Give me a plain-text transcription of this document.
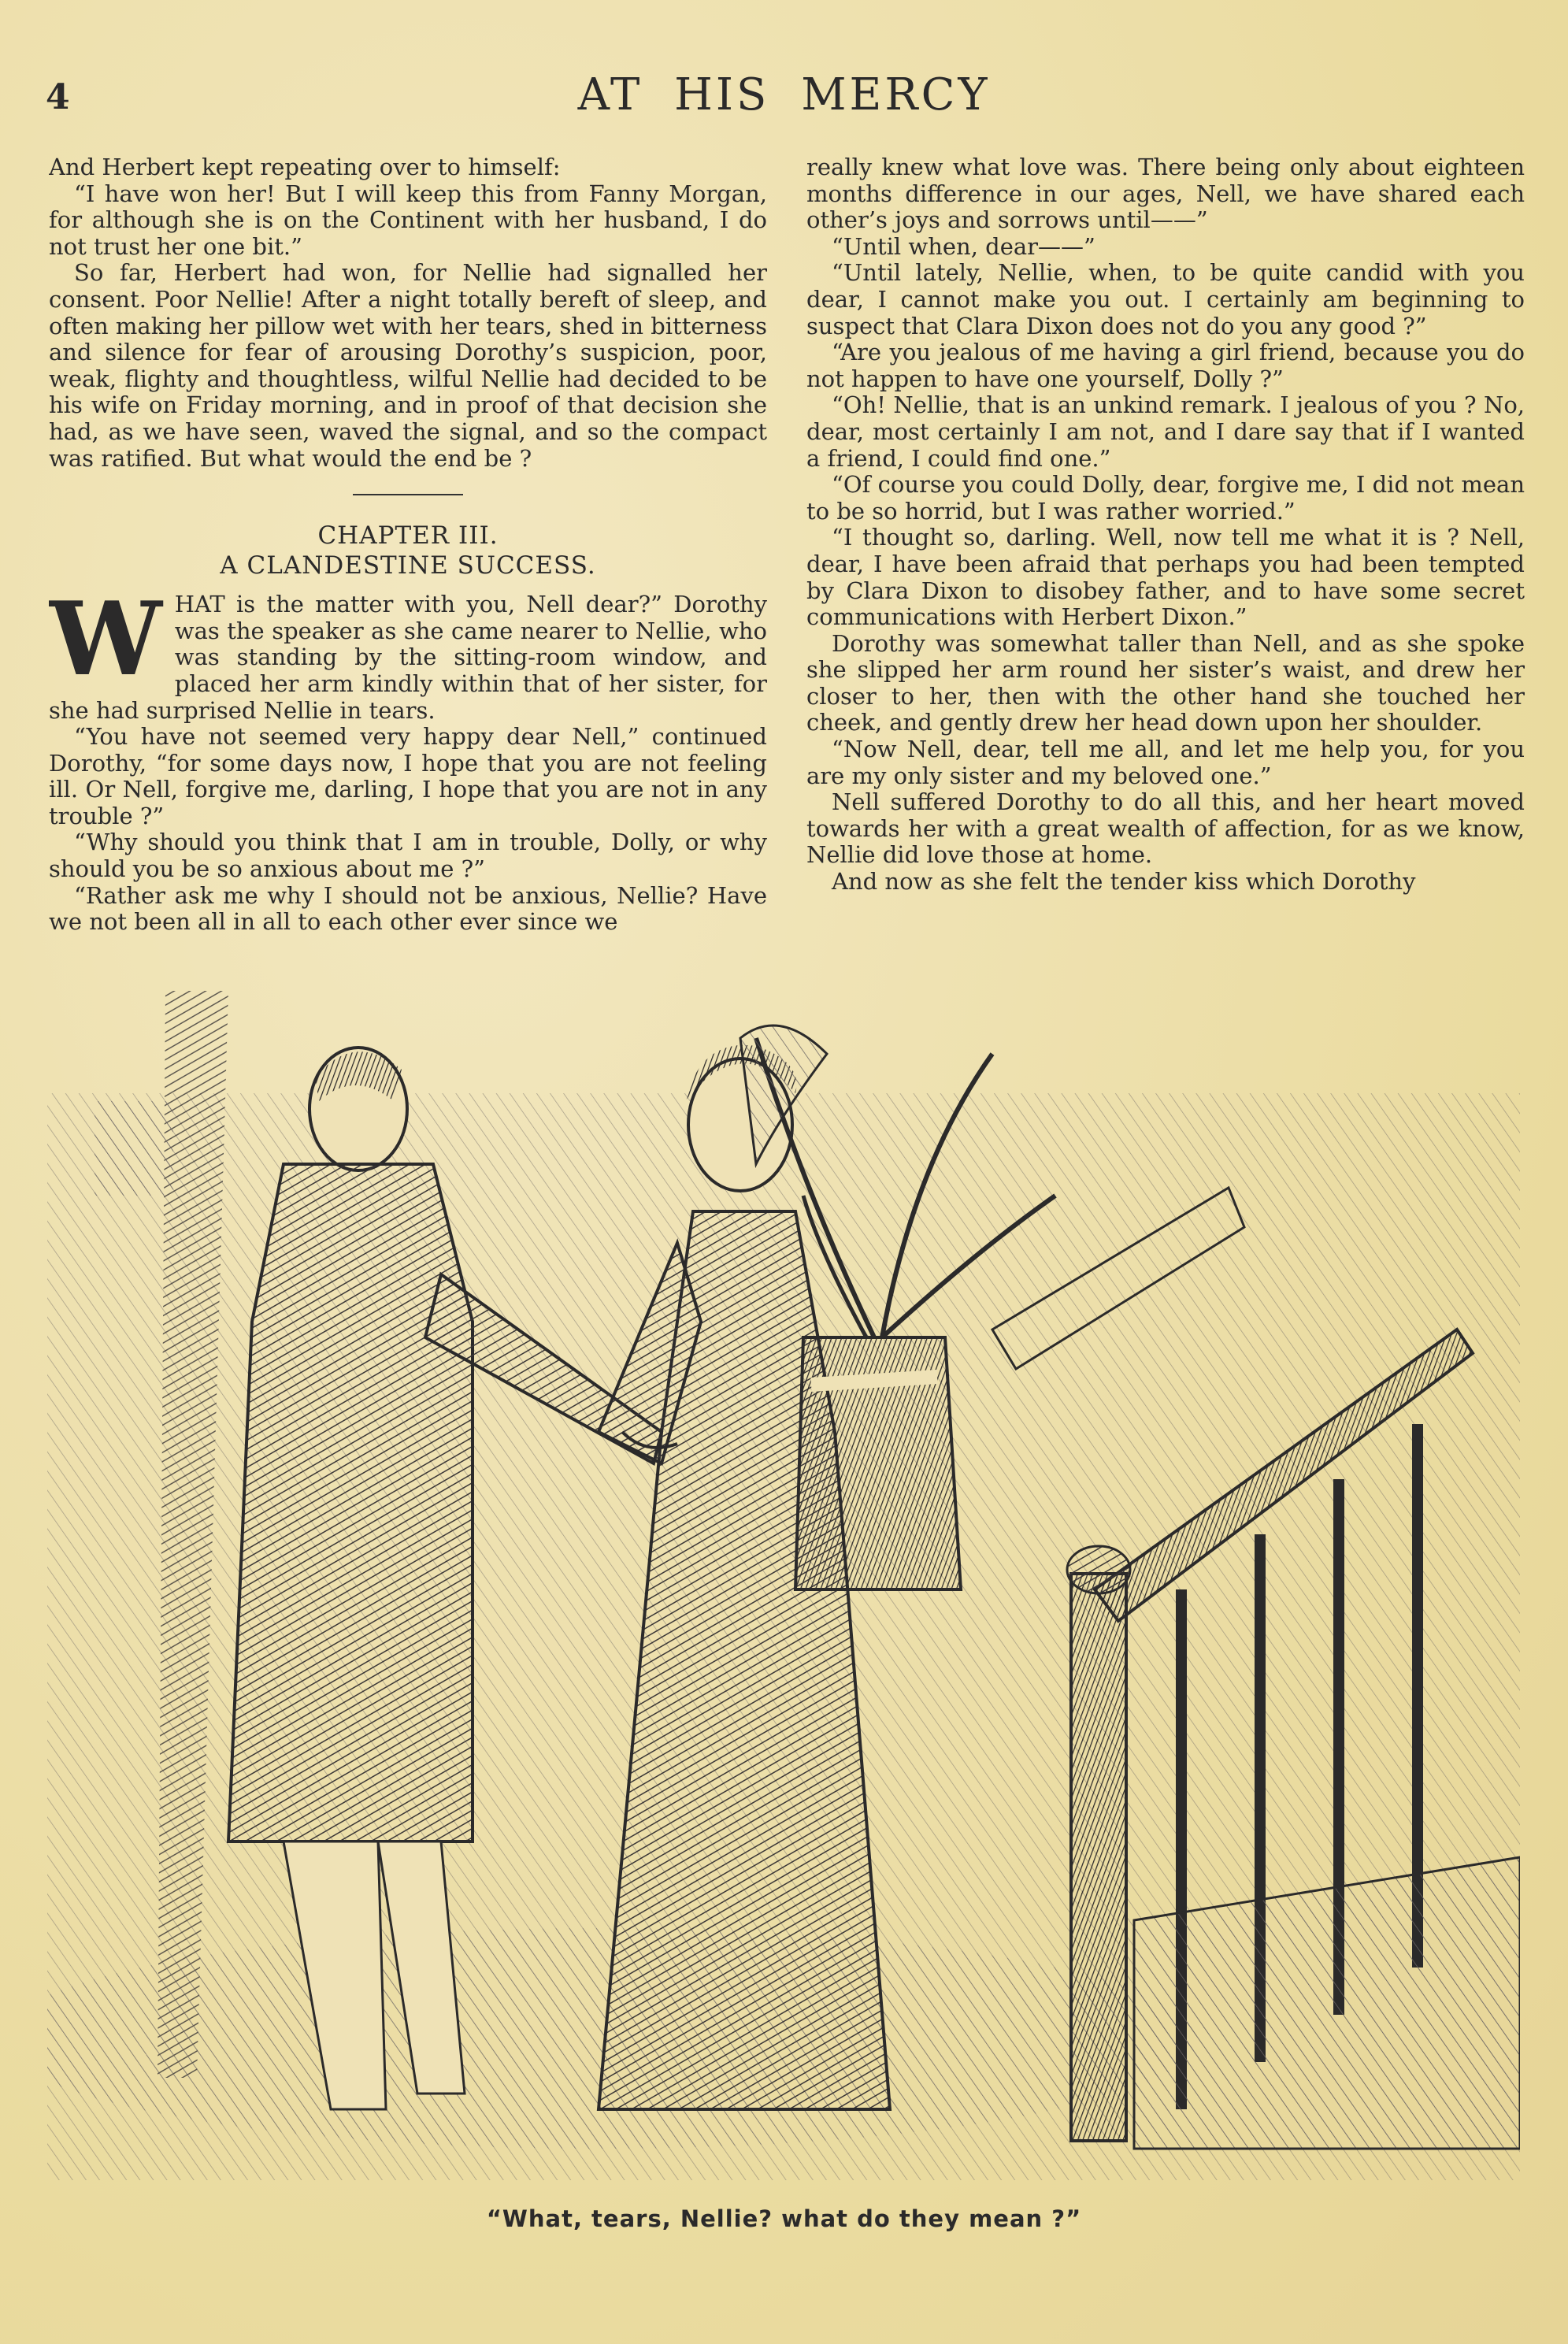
4	AT HIS MERCY

And Herbert kept repeating over to himself:

“I have won her! But I will keep this from Fanny Morgan, for although she is on the Continent with her husband, I do not trust her one bit.”

So far, Herbert had won, for Nellie had signalled her consent. Poor Nellie! After a night totally bereft of sleep, and often making her pillow wet with her tears, shed in bitterness and silence for fear of arousing Dorothy’s suspicion, poor, weak, flighty and thoughtless, wilful Nellie had decided to be his wife on Friday morning, and in proof of that decision she had, as we have seen, waved the signal, and so the compact was ratified. But what would the end be ?

CHAPTER III.
A CLANDESTINE SUCCESS.

WHAT is the matter with you, Nell dear?” Dorothy was the speaker as she came nearer to Nellie, who was standing by the sitting-room window, and placed her arm kindly within that of her sister, for she had surprised Nellie in tears.

“You have not seemed very happy dear Nell,” continued Dorothy, “for some days now, I hope that you are not feeling ill. Or Nell, forgive me, darling, I hope that you are not in any trouble ?”

“Why should you think that I am in trouble, Dolly, or why should you be so anxious about me ?”

“Rather ask me why I should not be anxious, Nellie? Have we not been all in all to each other ever since we

really knew what love was. There being only about eighteen months difference in our ages, Nell, we have shared each other’s joys and sorrows until——”

“Until when, dear——”

“Until lately, Nellie, when, to be quite candid with you dear, I cannot make you out. I certainly am beginning to suspect that Clara Dixon does not do you any good ?”

“Are you jealous of me having a girl friend, because you do not happen to have one yourself, Dolly ?”

“Oh! Nellie, that is an unkind remark. I jealous of you ? No, dear, most certainly I am not, and I dare say that if I wanted a friend, I could find one.”

“Of course you could Dolly, dear, forgive me, I did not mean to be so horrid, but I was rather worried.”

“I thought so, darling. Well, now tell me what it is ? Nell, dear, I have been afraid that perhaps you had been tempted by Clara Dixon to disobey father, and to have some secret communications with Herbert Dixon.”

Dorothy was somewhat taller than Nell, and as she spoke she slipped her arm round her sister’s waist, and drew her closer to her, then with the other hand she touched her cheek, and gently drew her head down upon her shoulder.

“Now Nell, dear, tell me all, and let me help you, for you are my only sister and my beloved one.”

Nell suffered Dorothy to do all this, and her heart moved towards her with a great wealth of affection, for as we know, Nellie did love those at home.

And now as she felt the tender kiss which Dorothy

“What, tears, Nellie? what do they mean ?”
